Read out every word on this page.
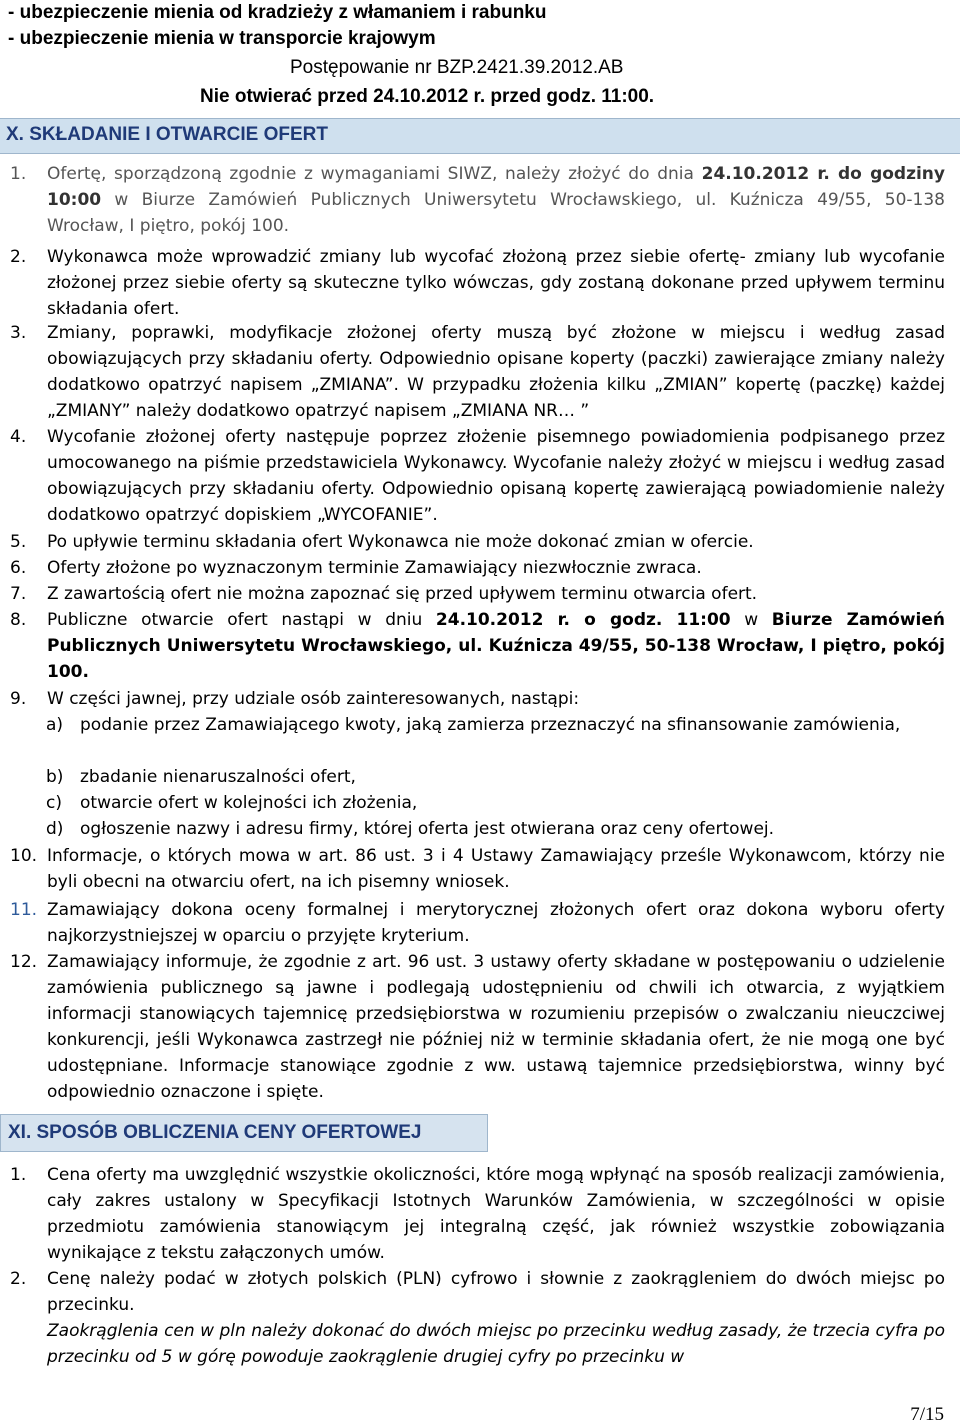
- ubezpieczenie mienia od kradzieży z włamaniem i rabunku
- ubezpieczenie mienia w transporcie krajowym
Postępowanie nr BZP.2421.39.2012.AB
Nie otwierać przed 24.10.2012 r. przed godz. 11:00.
X. SKŁADANIE I OTWARCIE OFERT
1.	Ofertę, sporządzoną zgodnie z wymaganiami SIWZ, należy złożyć do dnia 24.10.2012 r. do godziny 10:00 w Biurze Zamówień Publicznych Uniwersytetu Wrocławskiego, ul. Kuźnicza 49/55, 50-138 Wrocław, I piętro, pokój 100.
2.	Wykonawca może wprowadzić zmiany lub wycofać złożoną przez siebie ofertę- zmiany lub wycofanie złożonej przez siebie oferty są skuteczne tylko wówczas, gdy zostaną dokonane przed upływem terminu składania ofert.
3.	Zmiany, poprawki, modyfikacje złożonej oferty muszą być złożone w miejscu i według zasad obowiązujących przy składaniu oferty. Odpowiednio opisane koperty (paczki) zawierające zmiany należy dodatkowo opatrzyć napisem „ZMIANA”. W przypadku złożenia kilku „ZMIAN” kopertę (paczkę) każdej „ZMIANY” należy dodatkowo opatrzyć napisem „ZMIANA NR… ”
4.	Wycofanie złożonej oferty następuje poprzez złożenie pisemnego powiadomienia podpisanego przez umocowanego na piśmie przedstawiciela Wykonawcy. Wycofanie należy złożyć w miejscu i według zasad obowiązujących przy składaniu oferty. Odpowiednio opisaną kopertę zawierającą powiadomienie należy dodatkowo opatrzyć dopiskiem „WYCOFANIE”.
5.	Po upływie terminu składania ofert Wykonawca nie może dokonać zmian w ofercie.
6.	Oferty złożone po wyznaczonym terminie Zamawiający niezwłocznie zwraca.
7.	Z zawartością ofert nie można zapoznać się przed upływem terminu otwarcia ofert.
8.	Publiczne otwarcie ofert nastąpi w dniu 24.10.2012 r. o godz. 11:00 w Biurze Zamówień Publicznych Uniwersytetu Wrocławskiego, ul. Kuźnicza 49/55, 50-138 Wrocław, I piętro, pokój 100.
9.	W części jawnej, przy udziale osób zainteresowanych, nastąpi:
a) podanie przez Zamawiającego kwoty, jaką zamierza przeznaczyć na sfinansowanie zamówienia,
b) zbadanie nienaruszalności ofert,
c)	otwarcie ofert w kolejności ich złożenia,
d) ogłoszenie nazwy i adresu firmy, której oferta jest otwierana oraz ceny ofertowej.
10. Informacje, o których mowa w art. 86 ust. 3 i 4 Ustawy Zamawiający prześle Wykonawcom, którzy nie byli obecni na otwarciu ofert, na ich pisemny wniosek.
11. Zamawiający dokona oceny formalnej i merytorycznej złożonych ofert oraz dokona wyboru oferty najkorzystniejszej w oparciu o przyjęte kryterium.
12. Zamawiający informuje, że zgodnie z art. 96 ust. 3 ustawy oferty składane w postępowaniu o udzielenie zamówienia publicznego są jawne i podlegają udostępnieniu od chwili ich otwarcia, z wyjątkiem informacji stanowiących tajemnicę przedsiębiorstwa w rozumieniu przepisów o zwalczaniu nieuczciwej konkurencji, jeśli Wykonawca zastrzegł nie później niż w terminie składania ofert, że nie mogą one być udostępniane. Informacje stanowiące zgodnie z ww. ustawą tajemnice przedsiębiorstwa, winny być odpowiednio oznaczone i spięte.
XI. SPOSÓB OBLICZENIA CENY OFERTOWEJ
1.	Cena oferty ma uwzględnić wszystkie okoliczności, które mogą wpłynąć na sposób realizacji zamówienia, cały zakres ustalony w Specyfikacji Istotnych Warunków Zamówienia, w szczególności w opisie przedmiotu zamówienia stanowiącym jej integralną część, jak również wszystkie zobowiązania wynikające z tekstu załączonych umów.
2.	Cenę należy podać w złotych polskich (PLN) cyfrowo i słownie z zaokrągleniem do dwóch miejsc po przecinku.
Zaokrąglenia cen w pln należy dokonać do dwóch miejsc po przecinku według zasady, że trzecia cyfra po przecinku od 5 w górę powoduje zaokrąglenie drugiej cyfry po przecinku w
7/15
